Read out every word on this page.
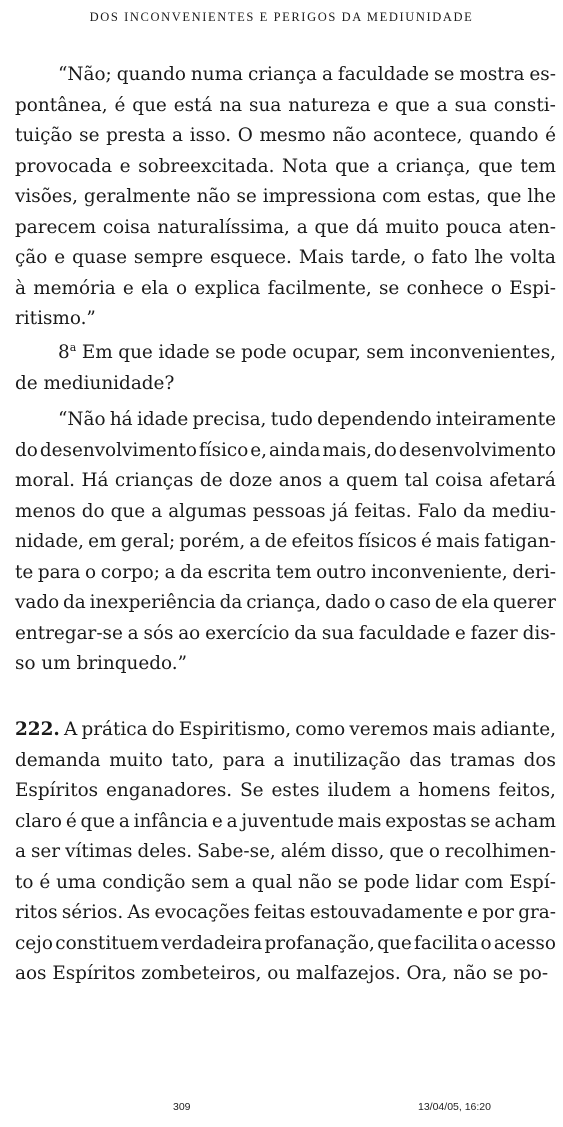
DOS INCONVENIENTES E PERIGOS DA MEDIUNIDADE
“Não; quando numa criança a faculdade se mostra es-
pontânea, é que está na sua natureza e que a sua consti-
tuição se presta a isso. O mesmo não acontece, quando é
provocada e sobreexcitada. Nota que a criança, que tem
visões, geralmente não se impressiona com estas, que lhe
parecem coisa naturalíssima, a que dá muito pouca aten-
ção e quase sempre esquece. Mais tarde, o fato lhe volta
à memória e ela o explica facilmente, se conhece o Espi-
ritismo.”
8$^a$ Em que idade se pode ocupar, sem inconvenientes,
de mediunidade?
“Não há idade precisa, tudo dependendo inteiramente
do desenvolvimento físico e, ainda mais, do desenvolvimento
moral. Há crianças de doze anos a quem tal coisa afetará
menos do que a algumas pessoas já feitas. Falo da mediu-
nidade, em geral; porém, a de efeitos físicos é mais fatigan-
te para o corpo; a da escrita tem outro inconveniente, deri-
vado da inexperiência da criança, dado o caso de ela querer
entregar-se a sós ao exercício da sua faculdade e fazer dis-
so um brinquedo.”
222. A prática do Espiritismo, como veremos mais adiante,
demanda muito tato, para a inutilização das tramas dos
Espíritos enganadores. Se estes iludem a homens feitos,
claro é que a infância e a juventude mais expostas se acham
a ser vítimas deles. Sabe-se, além disso, que o recolhimen-
to é uma condição sem a qual não se pode lidar com Espí-
ritos sérios. As evocações feitas estouvadamente e por gra-
cejo constituem verdadeira profanação, que facilita o acesso
aos Espíritos zombeteiros, ou malfazejos. Ora, não se po-
309	13/04/05, 16:20
